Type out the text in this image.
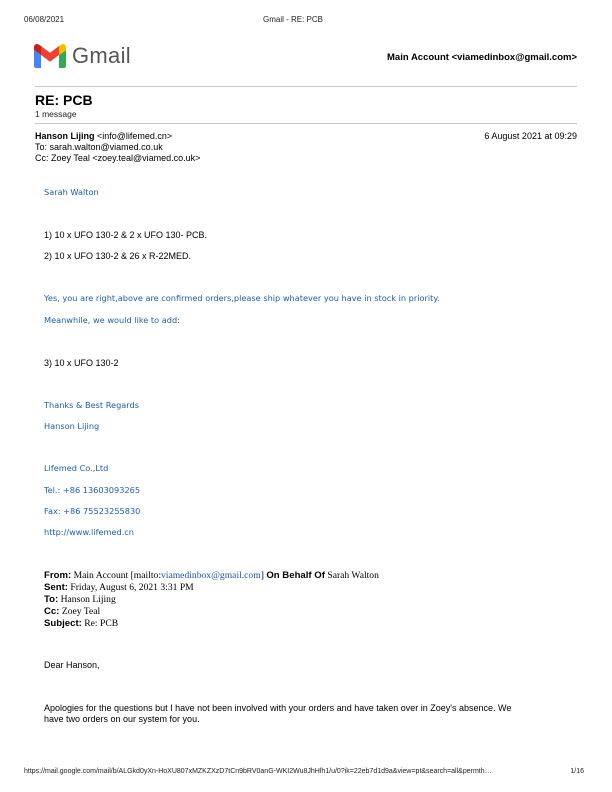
06/08/2021	Gmail - RE: PCB
Gmail	Main Account <viamedinbox@gmail.com>
RE: PCB
1 message
Hanson Lijing <info@lifemed.cn>	6 August 2021 at 09:29
To: sarah.walton@viamed.co.uk
Cc: Zoey Teal <zoey.teal@viamed.co.uk>
Sarah Walton
1) 10 x UFO 130-2 & 2 x UFO 130- PCB.
2) 10 x UFO 130-2 & 26 x R-22MED.
Yes, you are right,above are confirmed orders,please ship whatever you have in stock in priority.
Meanwhile, we would like to add:
3) 10 x UFO 130-2
Thanks & Best Regards
Hanson Lijing
Lifemed Co.,Ltd
Tel.: +86 13603093265
Fax: +86 75523255830
http://www.lifemed.cn
From: Main Account [mailto:viamedinbox@gmail.com] On Behalf Of Sarah Walton
Sent: Friday, August 6, 2021 3:31 PM
To: Hanson Lijing
Cc: Zoey Teal
Subject: Re: PCB
Dear Hanson,
Apologies for the questions but I have not been involved with your orders and have taken over in Zoey's absence. We
have two orders on our system for you.
https://mail.google.com/mail/b/ALGkd0yXn-HoXU807xMZKZXzD7tCn9bRV0anG-WKI2Wu8JhHlh1/u/0?ik=22eb7d1d9a&view=pt&search=all&permth…	1/16
